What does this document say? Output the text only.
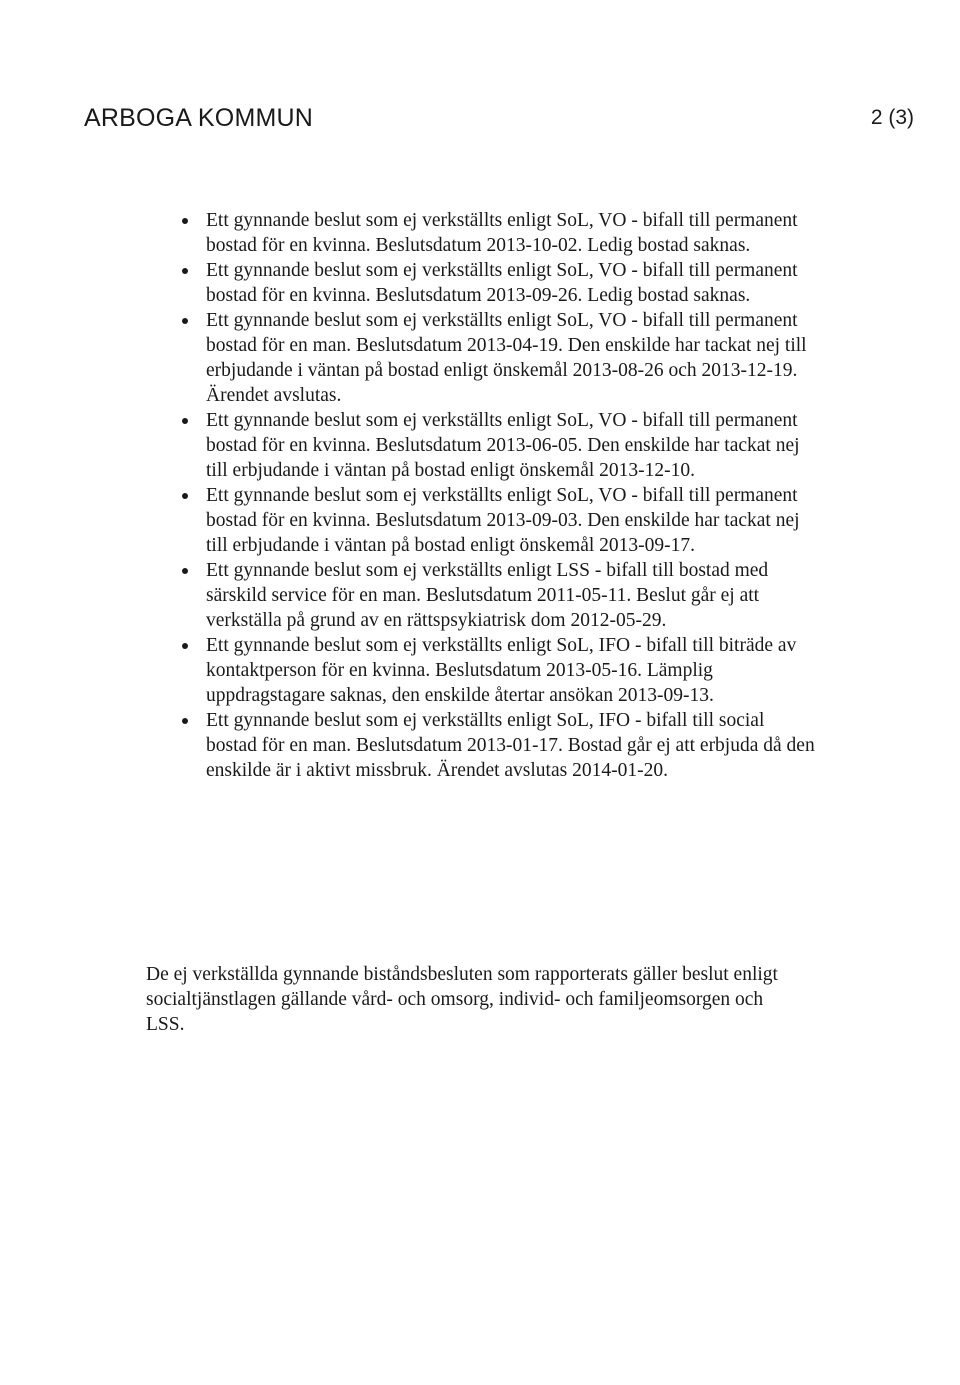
ARBOGA KOMMUN	2 (3)
Ett gynnande beslut som ej verkställts enligt SoL, VO - bifall till permanent bostad för en kvinna. Beslutsdatum 2013-10-02. Ledig bostad saknas.
Ett gynnande beslut som ej verkställts enligt SoL, VO - bifall till permanent bostad för en kvinna. Beslutsdatum 2013-09-26. Ledig bostad saknas.
Ett gynnande beslut som ej verkställts enligt SoL, VO - bifall till permanent bostad för en man. Beslutsdatum 2013-04-19. Den enskilde har tackat nej till erbjudande i väntan på bostad enligt önskemål 2013-08-26 och 2013-12-19. Ärendet avslutas.
Ett gynnande beslut som ej verkställts enligt SoL, VO - bifall till permanent bostad för en kvinna. Beslutsdatum 2013-06-05. Den enskilde har tackat nej till erbjudande i väntan på bostad enligt önskemål 2013-12-10.
Ett gynnande beslut som ej verkställts enligt SoL, VO - bifall till permanent bostad för en kvinna. Beslutsdatum 2013-09-03. Den enskilde har tackat nej till erbjudande i väntan på bostad enligt önskemål 2013-09-17.
Ett gynnande beslut som ej verkställts enligt LSS - bifall till bostad med särskild service för en man. Beslutsdatum 2011-05-11. Beslut går ej att verkställa på grund av en rättspsykiatrisk dom 2012-05-29.
Ett gynnande beslut som ej verkställts enligt SoL, IFO - bifall till biträde av kontaktperson för en kvinna. Beslutsdatum 2013-05-16. Lämplig uppdragstagare saknas, den enskilde återtar ansökan 2013-09-13.
Ett gynnande beslut som ej verkställts enligt SoL, IFO - bifall till social bostad för en man. Beslutsdatum 2013-01-17. Bostad går ej att erbjuda då den enskilde är i aktivt missbruk. Ärendet avslutas 2014-01-20.

De ej verkställda gynnande biståndsbesluten som rapporterats gäller beslut enligt socialtjänstlagen gällande vård- och omsorg, individ- och familjeomsorgen och LSS.
